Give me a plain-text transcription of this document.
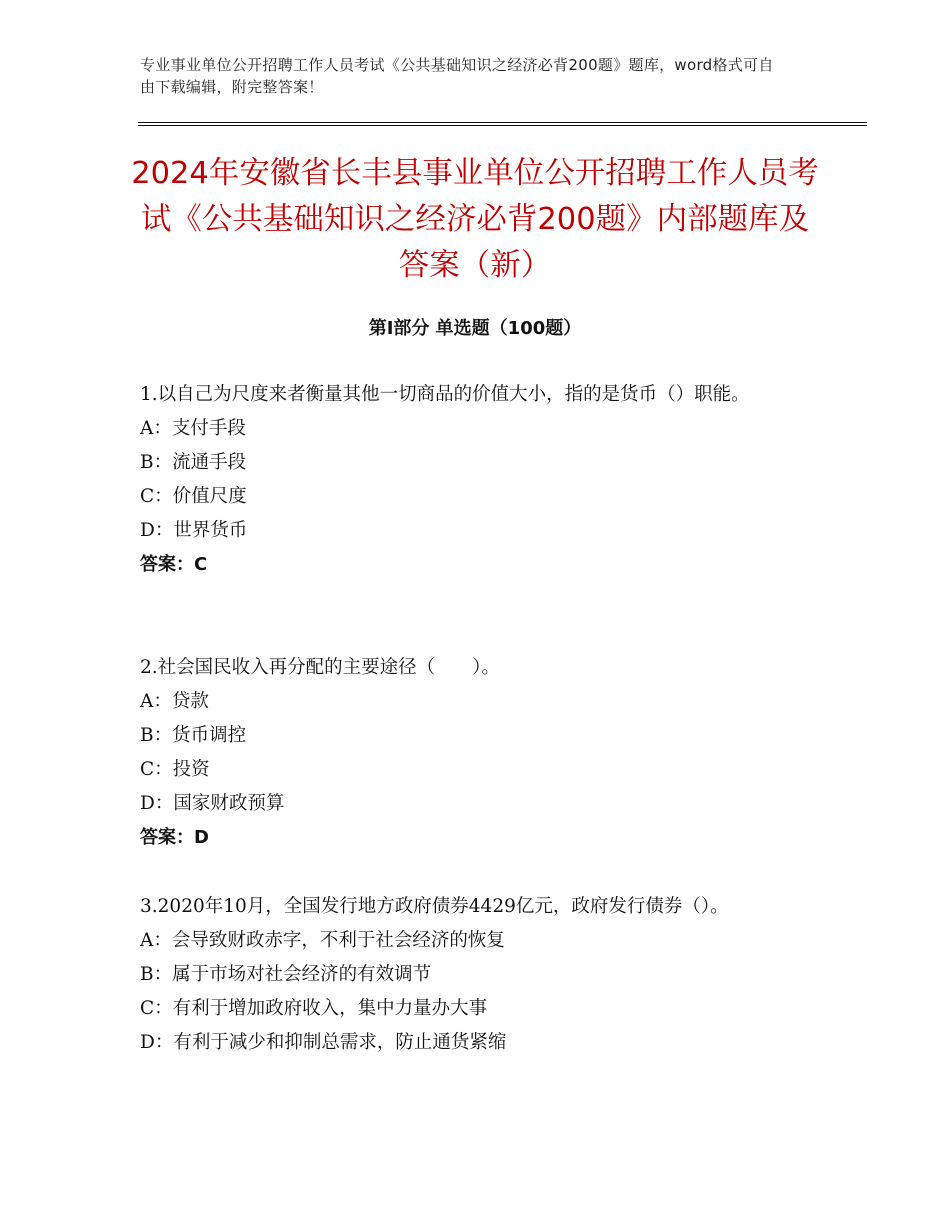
专业事业单位公开招聘工作人员考试《公共基础知识之经济必背200题》题库，word格式可自由下载编辑，附完整答案！
2024年安徽省长丰县事业单位公开招聘工作人员考试《公共基础知识之经济必背200题》内部题库及答案（新）
第Ⅰ部分 单选题（100题）
1.以自己为尺度来者衡量其他一切商品的价值大小，指的是货币（）职能。
A：支付手段
B：流通手段
C：价值尺度
D：世界货币
答案：C
2.社会国民收入再分配的主要途径（　　）。
A：贷款
B：货币调控
C：投资
D：国家财政预算
答案：D
3.2020年10月，全国发行地方政府债券4429亿元，政府发行债券（）。
A：会导致财政赤字，不利于社会经济的恢复
B：属于市场对社会经济的有效调节
C：有利于增加政府收入，集中力量办大事
D：有利于减少和抑制总需求，防止通货紧缩
